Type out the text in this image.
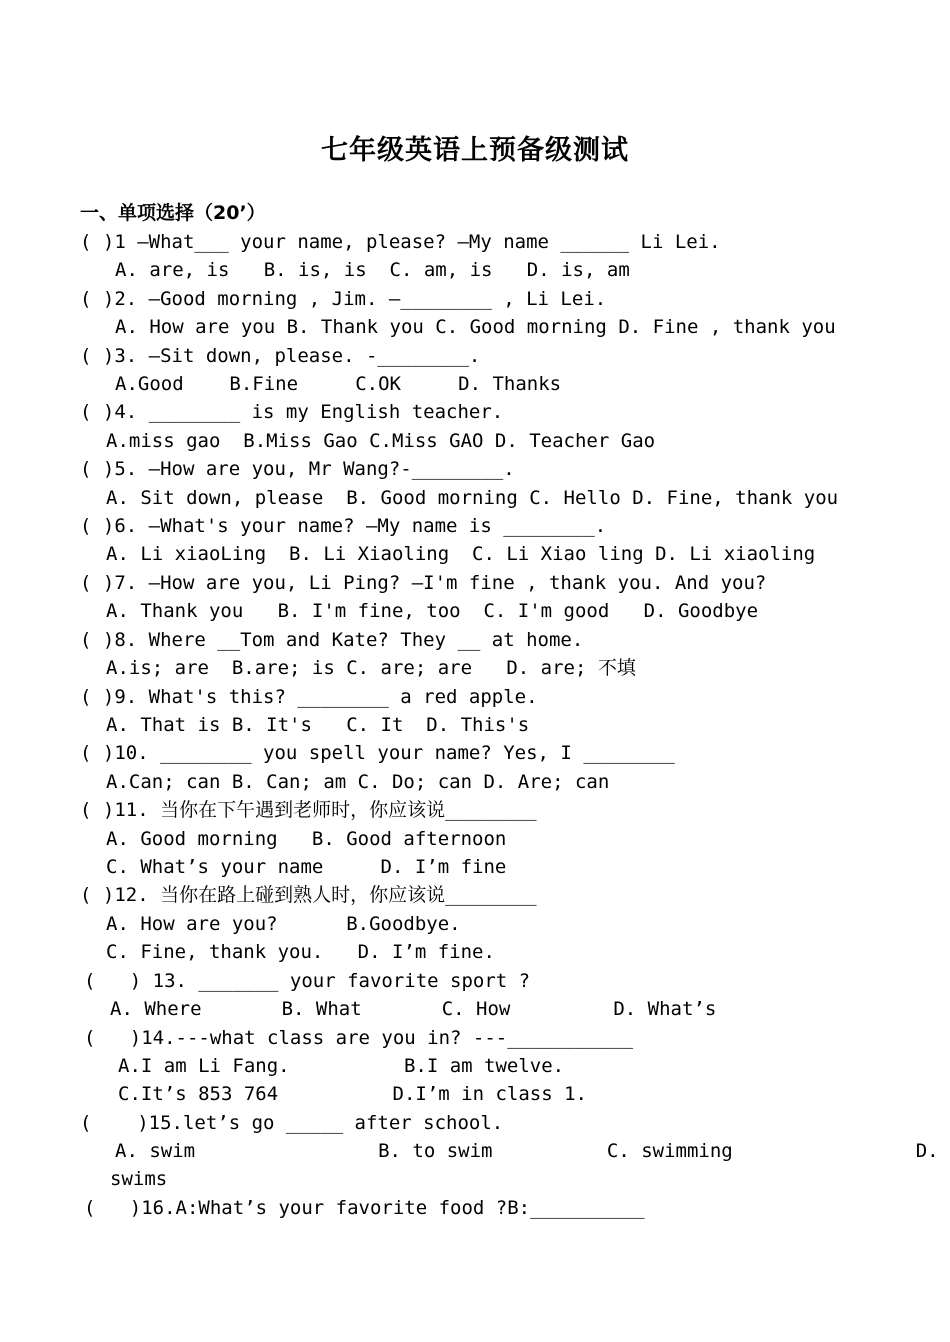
七年级英语上预备级测试
一、单项选择（20’）
( )1 —What___ your name, please? —My name ______ Li Lei.
A. are, is   B. is, is  C. am, is   D. is, am
( )2. —Good morning , Jim. —________ , Li Lei.
A. How are you B. Thank you C. Good morning D. Fine , thank you
( )3. —Sit down, please. -________.
A.Good    B.Fine     C.OK     D. Thanks
( )4. ________ is my English teacher.
A.miss gao  B.Miss Gao C.Miss GAO D. Teacher Gao
( )5. —How are you, Mr Wang?-________.
A. Sit down, please  B. Good morning C. Hello D. Fine, thank you
( )6. —What's your name? —My name is ________.
A. Li xiaoLing  B. Li Xiaoling  C. Li Xiao ling D. Li xiaoling
( )7. —How are you, Li Ping? —I'm fine , thank you. And you?
A. Thank you   B. I'm fine, too  C. I'm good   D. Goodbye
( )8. Where __Tom and Kate? They __ at home.
A.is; are  B.are; is C. are; are   D. are; 不填
( )9. What's this? ________ a red apple.
A. That is B. It's   C. It  D. This's
( )10. ________ you spell your name? Yes, I ________
A.Can; can B. Can; am C. Do; can D. Are; can
( )11. 当你在下午遇到老师时，你应该说________
A. Good morning   B. Good afternoon
C. What’s your name     D. I’m fine
( )12. 当你在路上碰到熟人时，你应该说________
A. How are you?      B.Goodbye.
C. Fine, thank you.   D. I’m fine.
(   ) 13. _______ your favorite sport ?
A. Where       B. What       C. How         D. What’s
(   )14.---what class are you in? ---___________
A.I am Li Fang.          B.I am twelve.
C.It’s 853 764          D.I’m in class 1.
(    )15.let’s go _____ after school.
A. swim                B. to swim          C. swimming                D.
swims
(   )16.A:What’s your favorite food ?B:__________
